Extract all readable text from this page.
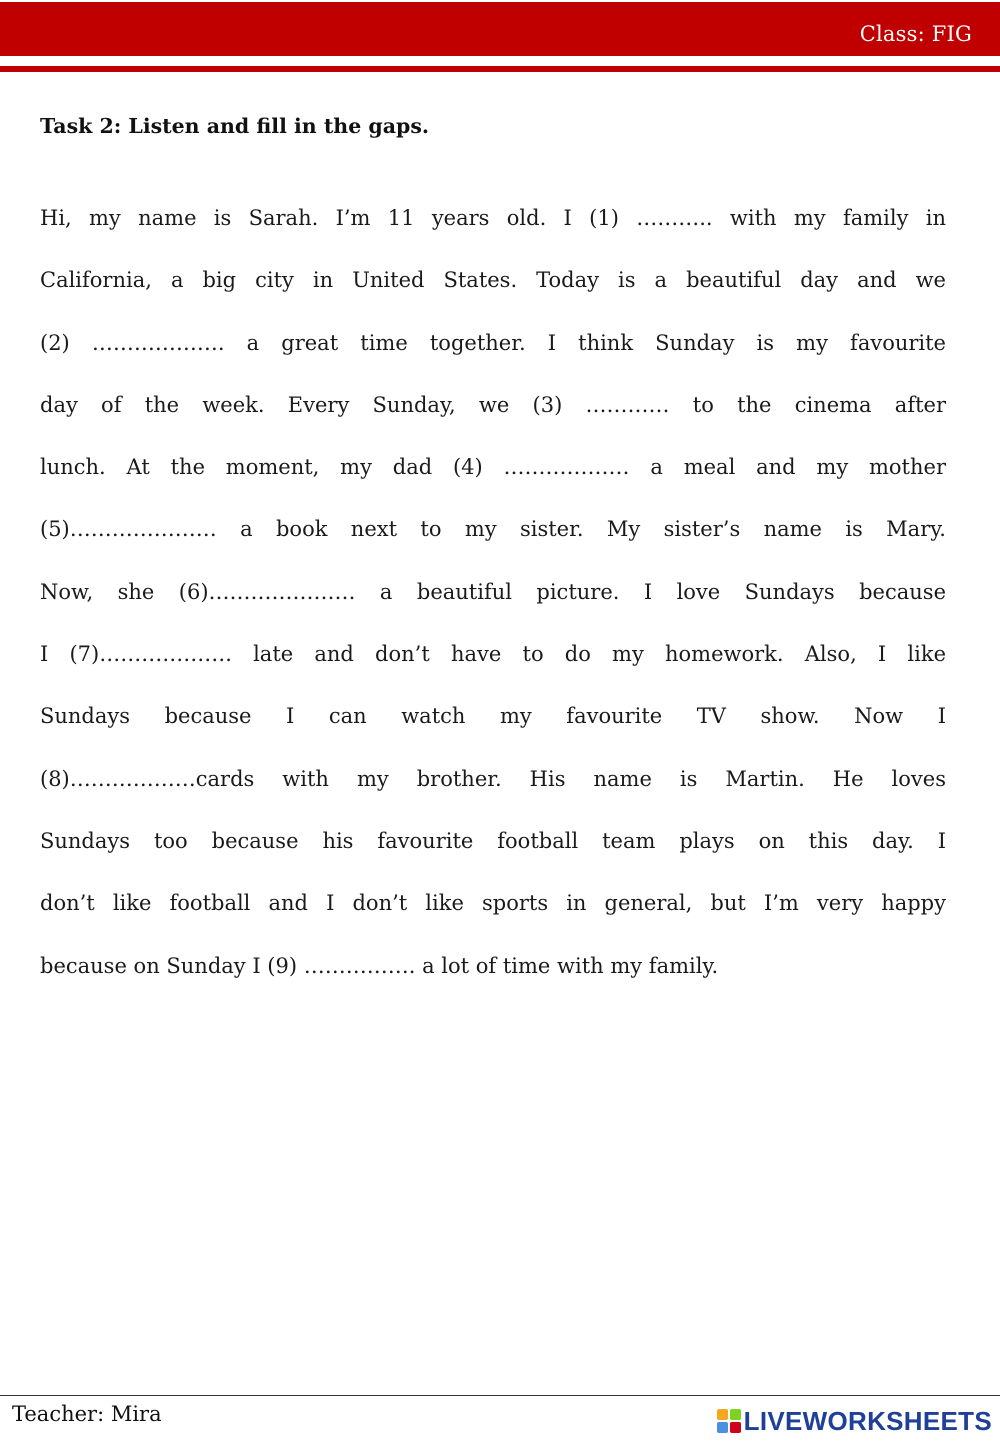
Class: FIG
Task 2: Listen and fill in the gaps.
Hi, my name is Sarah. I’m 11 years old. I (1) ……….. with my family in
California, a big city in United States. Today is a beautiful day and we
(2) ………………. a great time together. I think Sunday is my favourite
day of the week. Every Sunday, we (3) ………… to the cinema after
lunch. At the moment, my dad (4) ……………… a meal and my mother
(5)………………… a book next to my sister. My sister’s name is Mary.
Now, she (6)………………… a beautiful picture. I love Sundays because
I (7)………………. late and don’t have to do my homework. Also, I like
Sundays because I can watch my favourite TV show. Now I
(8)………………cards with my brother. His name is Martin. He loves
Sundays too because his favourite football team plays on this day. I
don’t like football and I don’t like sports in general, but I’m very happy
because on Sunday I (9) ……………. a lot of time with my family.
Teacher: Mira	LIVEWORKSHEETS
